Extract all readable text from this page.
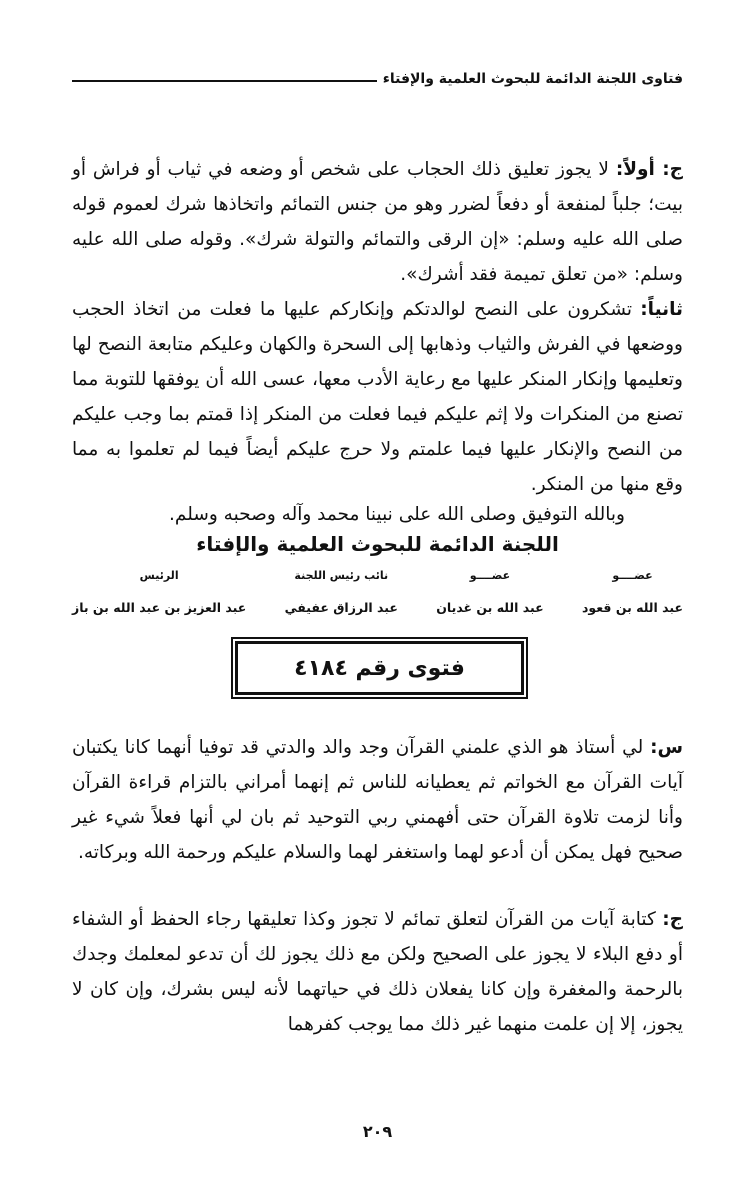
فتاوى اللجنة الدائمة للبحوث العلمية والإفتاء
ج: أولاً: لا يجوز تعليق ذلك الحجاب على شخص أو وضعه في ثياب أو فراش أو بيت؛ جلباً لمنفعة أو دفعاً لضرر وهو من جنس التمائم واتخاذها شرك لعموم قوله صلى الله عليه وسلم: «إن الرقى والتمائم والتولة شرك». وقوله صلى الله عليه وسلم: «من تعلق تميمة فقد أشرك».
ثانياً: تشكرون على النصح لوالدتكم وإنكاركم عليها ما فعلت من اتخاذ الحجب ووضعها في الفرش والثياب وذهابها إلى السحرة والكهان وعليكم متابعة النصح لها وتعليمها وإنكار المنكر عليها مع رعاية الأدب معها، عسى الله أن يوفقها للتوبة مما تصنع من المنكرات ولا إثم عليكم فيما فعلت من المنكر إذا قمتم بما وجب عليكم من النصح والإنكار عليها فيما علمتم ولا حرج عليكم أيضاً فيما لم تعلموا به مما وقع منها من المنكر.
وبالله التوفيق وصلى الله على نبينا محمد وآله وصحبه وسلم.
اللجنة الدائمة للبحوث العلمية والإفتاء
عضــــو
عبد الله بن قعود
عضــــو
عبد الله بن غديان
نائب رئيس اللجنة
عبد الرزاق عفيفي
الرئيس
عبد العزيز بن عبد الله بن باز
فتوى رقم ٤١٨٤
س: لي أستاذ هو الذي علمني القرآن وجد والد والدتي قد توفيا أنهما كانا يكتبان آيات القرآن مع الخواتم ثم يعطيانه للناس ثم إنهما أمراني بالتزام قراءة القرآن وأنا لزمت تلاوة القرآن حتى أفهمني ربي التوحيد ثم بان لي أنها فعلاً شيء غير صحيح فهل يمكن أن أدعو لهما واستغفر لهما والسلام عليكم ورحمة الله وبركاته.
ج: كتابة آيات من القرآن لتعلق تمائم لا تجوز وكذا تعليقها رجاء الحفظ أو الشفاء أو دفع البلاء لا يجوز على الصحيح ولكن مع ذلك يجوز لك أن تدعو لمعلمك وجدك بالرحمة والمغفرة وإن كانا يفعلان ذلك في حياتهما لأنه ليس بشرك، وإن كان لا يجوز، إلا إن علمت منهما غير ذلك مما يوجب كفرهما
٢٠٩
